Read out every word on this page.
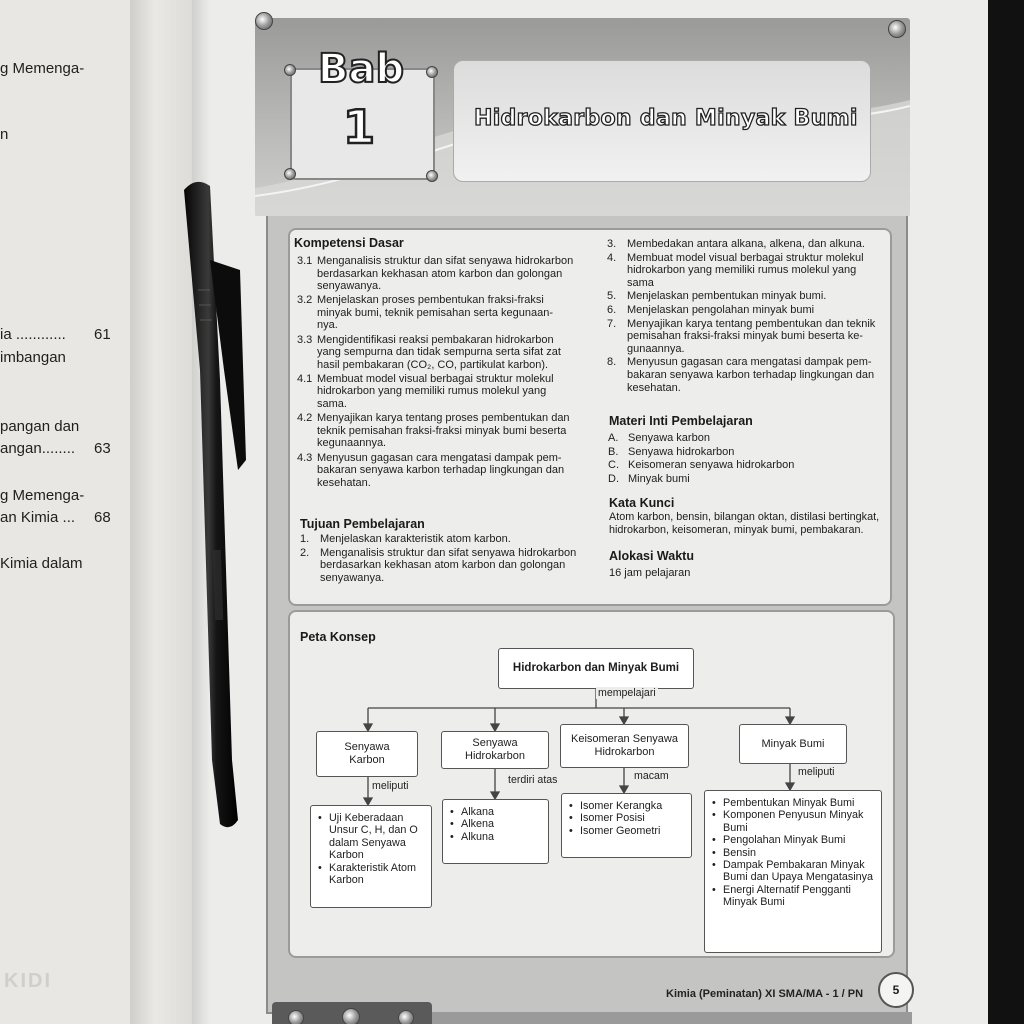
g Memenga-
n
ia ............ 61
imbangan
pangan dan
angan........ 63
g Memenga-
an Kimia ... 68
Kimia dalam
KIDI
Bab
1	Hidrokarbon dan Minyak Bumi
Kompetensi Dasar
3.1 Menganalisis struktur dan sifat senyawa hidrokarbon
berdasarkan kekhasan atom karbon dan golongan
senyawanya.
3.2 Menjelaskan proses pembentukan fraksi-fraksi
minyak bumi, teknik pemisahan serta kegunaan-
nya.
3.3 Mengidentifikasi reaksi pembakaran hidrokarbon
yang sempurna dan tidak sempurna serta sifat zat
hasil pembakaran (CO₂, CO, partikulat karbon).
4.1 Membuat model visual berbagai struktur molekul
hidrokarbon yang memiliki rumus molekul yang
sama.
4.2 Menyajikan karya tentang proses pembentukan dan
teknik pemisahan fraksi-fraksi minyak bumi beserta
kegunaannya.
4.3 Menyusun gagasan cara mengatasi dampak pem-
bakaran senyawa karbon terhadap lingkungan dan
kesehatan.
Tujuan Pembelajaran
1. Menjelaskan karakteristik atom karbon.
2. Menganalisis struktur dan sifat senyawa hidrokarbon
berdasarkan kekhasan atom karbon dan golongan
senyawanya.
3. Membedakan antara alkana, alkena, dan alkuna.
4. Membuat model visual berbagai struktur molekul
hidrokarbon yang memiliki rumus molekul yang
sama
5. Menjelaskan pembentukan minyak bumi.
6. Menjelaskan pengolahan minyak bumi
7. Menyajikan karya tentang pembentukan dan teknik
pemisahan fraksi-fraksi minyak bumi beserta ke-
gunaannya.
8. Menyusun gagasan cara mengatasi dampak pem-
bakaran senyawa karbon terhadap lingkungan dan
kesehatan.
Materi Inti Pembelajaran
A. Senyawa karbon
B. Senyawa hidrokarbon
C. Keisomeran senyawa hidrokarbon
D. Minyak bumi
Kata Kunci
Atom karbon, bensin, bilangan oktan, distilasi bertingkat,
hidrokarbon, keisomeran, minyak bumi, pembakaran.
Alokasi Waktu
16 jam pelajaran
Peta Konsep
Hidrokarbon dan Minyak Bumi
mempelajari
Senyawa
Karbon
Senyawa
Hidrokarbon
Keisomeran Senyawa
Hidrokarbon
Minyak Bumi
meliputi	terdiri atas	macam	meliputi
• Uji Keberadaan Unsur C, H, dan O dalam Senyawa Karbon
• Karakteristik Atom Karbon
• Alkana
• Alkena
• Alkuna
• Isomer Kerangka
• Isomer Posisi
• Isomer Geometri
• Pembentukan Minyak Bumi
• Komponen Penyusun Minyak Bumi
• Pengolahan Minyak Bumi
• Bensin
• Dampak Pembakaran Minyak Bumi dan Upaya Mengatasinya
• Energi Alternatif Pengganti Minyak Bumi
Kimia (Peminatan) XI SMA/MA - 1 / PN	5
